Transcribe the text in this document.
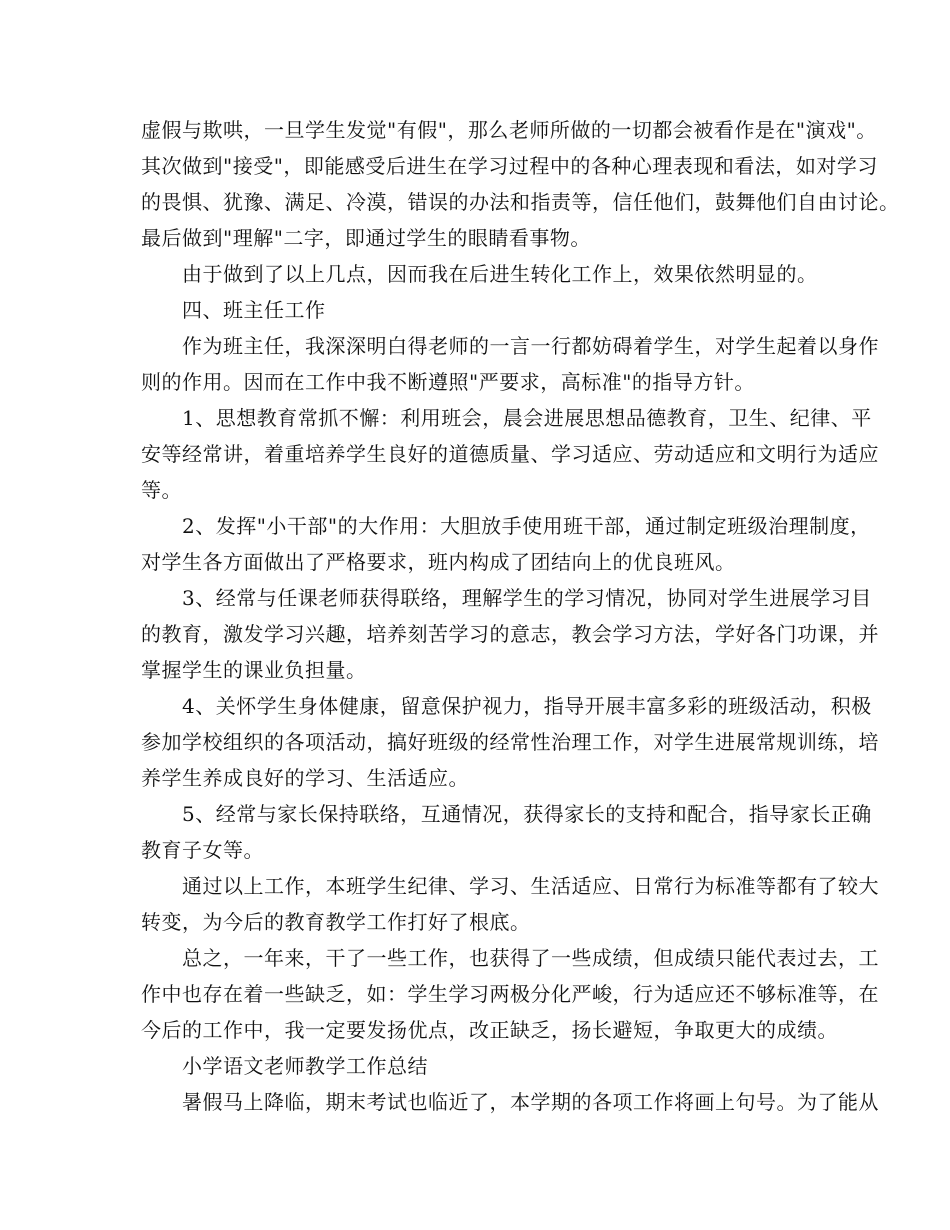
虚假与欺哄，一旦学生发觉"有假"，那么老师所做的一切都会被看作是在"演戏"。

其次做到"接受"，即能感受后进生在学习过程中的各种心理表现和看法，如对学习

的畏惧、犹豫、满足、冷漠，错误的办法和指责等，信任他们，鼓舞他们自由讨论。

最后做到"理解"二字，即通过学生的眼睛看事物。

　　由于做到了以上几点，因而我在后进生转化工作上，效果依然明显的。

　　四、班主任工作

　　作为班主任，我深深明白得老师的一言一行都妨碍着学生，对学生起着以身作

则的作用。因而在工作中我不断遵照"严要求，高标准"的指导方针。

　　1、思想教育常抓不懈：利用班会，晨会进展思想品德教育，卫生、纪律、平

安等经常讲，着重培养学生良好的道德质量、学习适应、劳动适应和文明行为适应

等。

　　2、发挥"小干部"的大作用：大胆放手使用班干部，通过制定班级治理制度，

对学生各方面做出了严格要求，班内构成了团结向上的优良班风。

　　3、经常与任课老师获得联络，理解学生的学习情况，协同对学生进展学习目

的教育，激发学习兴趣，培养刻苦学习的意志，教会学习方法，学好各门功课，并

掌握学生的课业负担量。

　　4、关怀学生身体健康，留意保护视力，指导开展丰富多彩的班级活动，积极

参加学校组织的各项活动，搞好班级的经常性治理工作，对学生进展常规训练，培

养学生养成良好的学习、生活适应。

　　5、经常与家长保持联络，互通情况，获得家长的支持和配合，指导家长正确

教育子女等。

　　通过以上工作，本班学生纪律、学习、生活适应、日常行为标准等都有了较大

转变，为今后的教育教学工作打好了根底。

　　总之，一年来，干了一些工作，也获得了一些成绩，但成绩只能代表过去，工

作中也存在着一些缺乏，如：学生学习两极分化严峻，行为适应还不够标准等，在

今后的工作中，我一定要发扬优点，改正缺乏，扬长避短，争取更大的成绩。

　　小学语文老师教学工作总结

　　暑假马上降临，期末考试也临近了，本学期的各项工作将画上句号。为了能从
